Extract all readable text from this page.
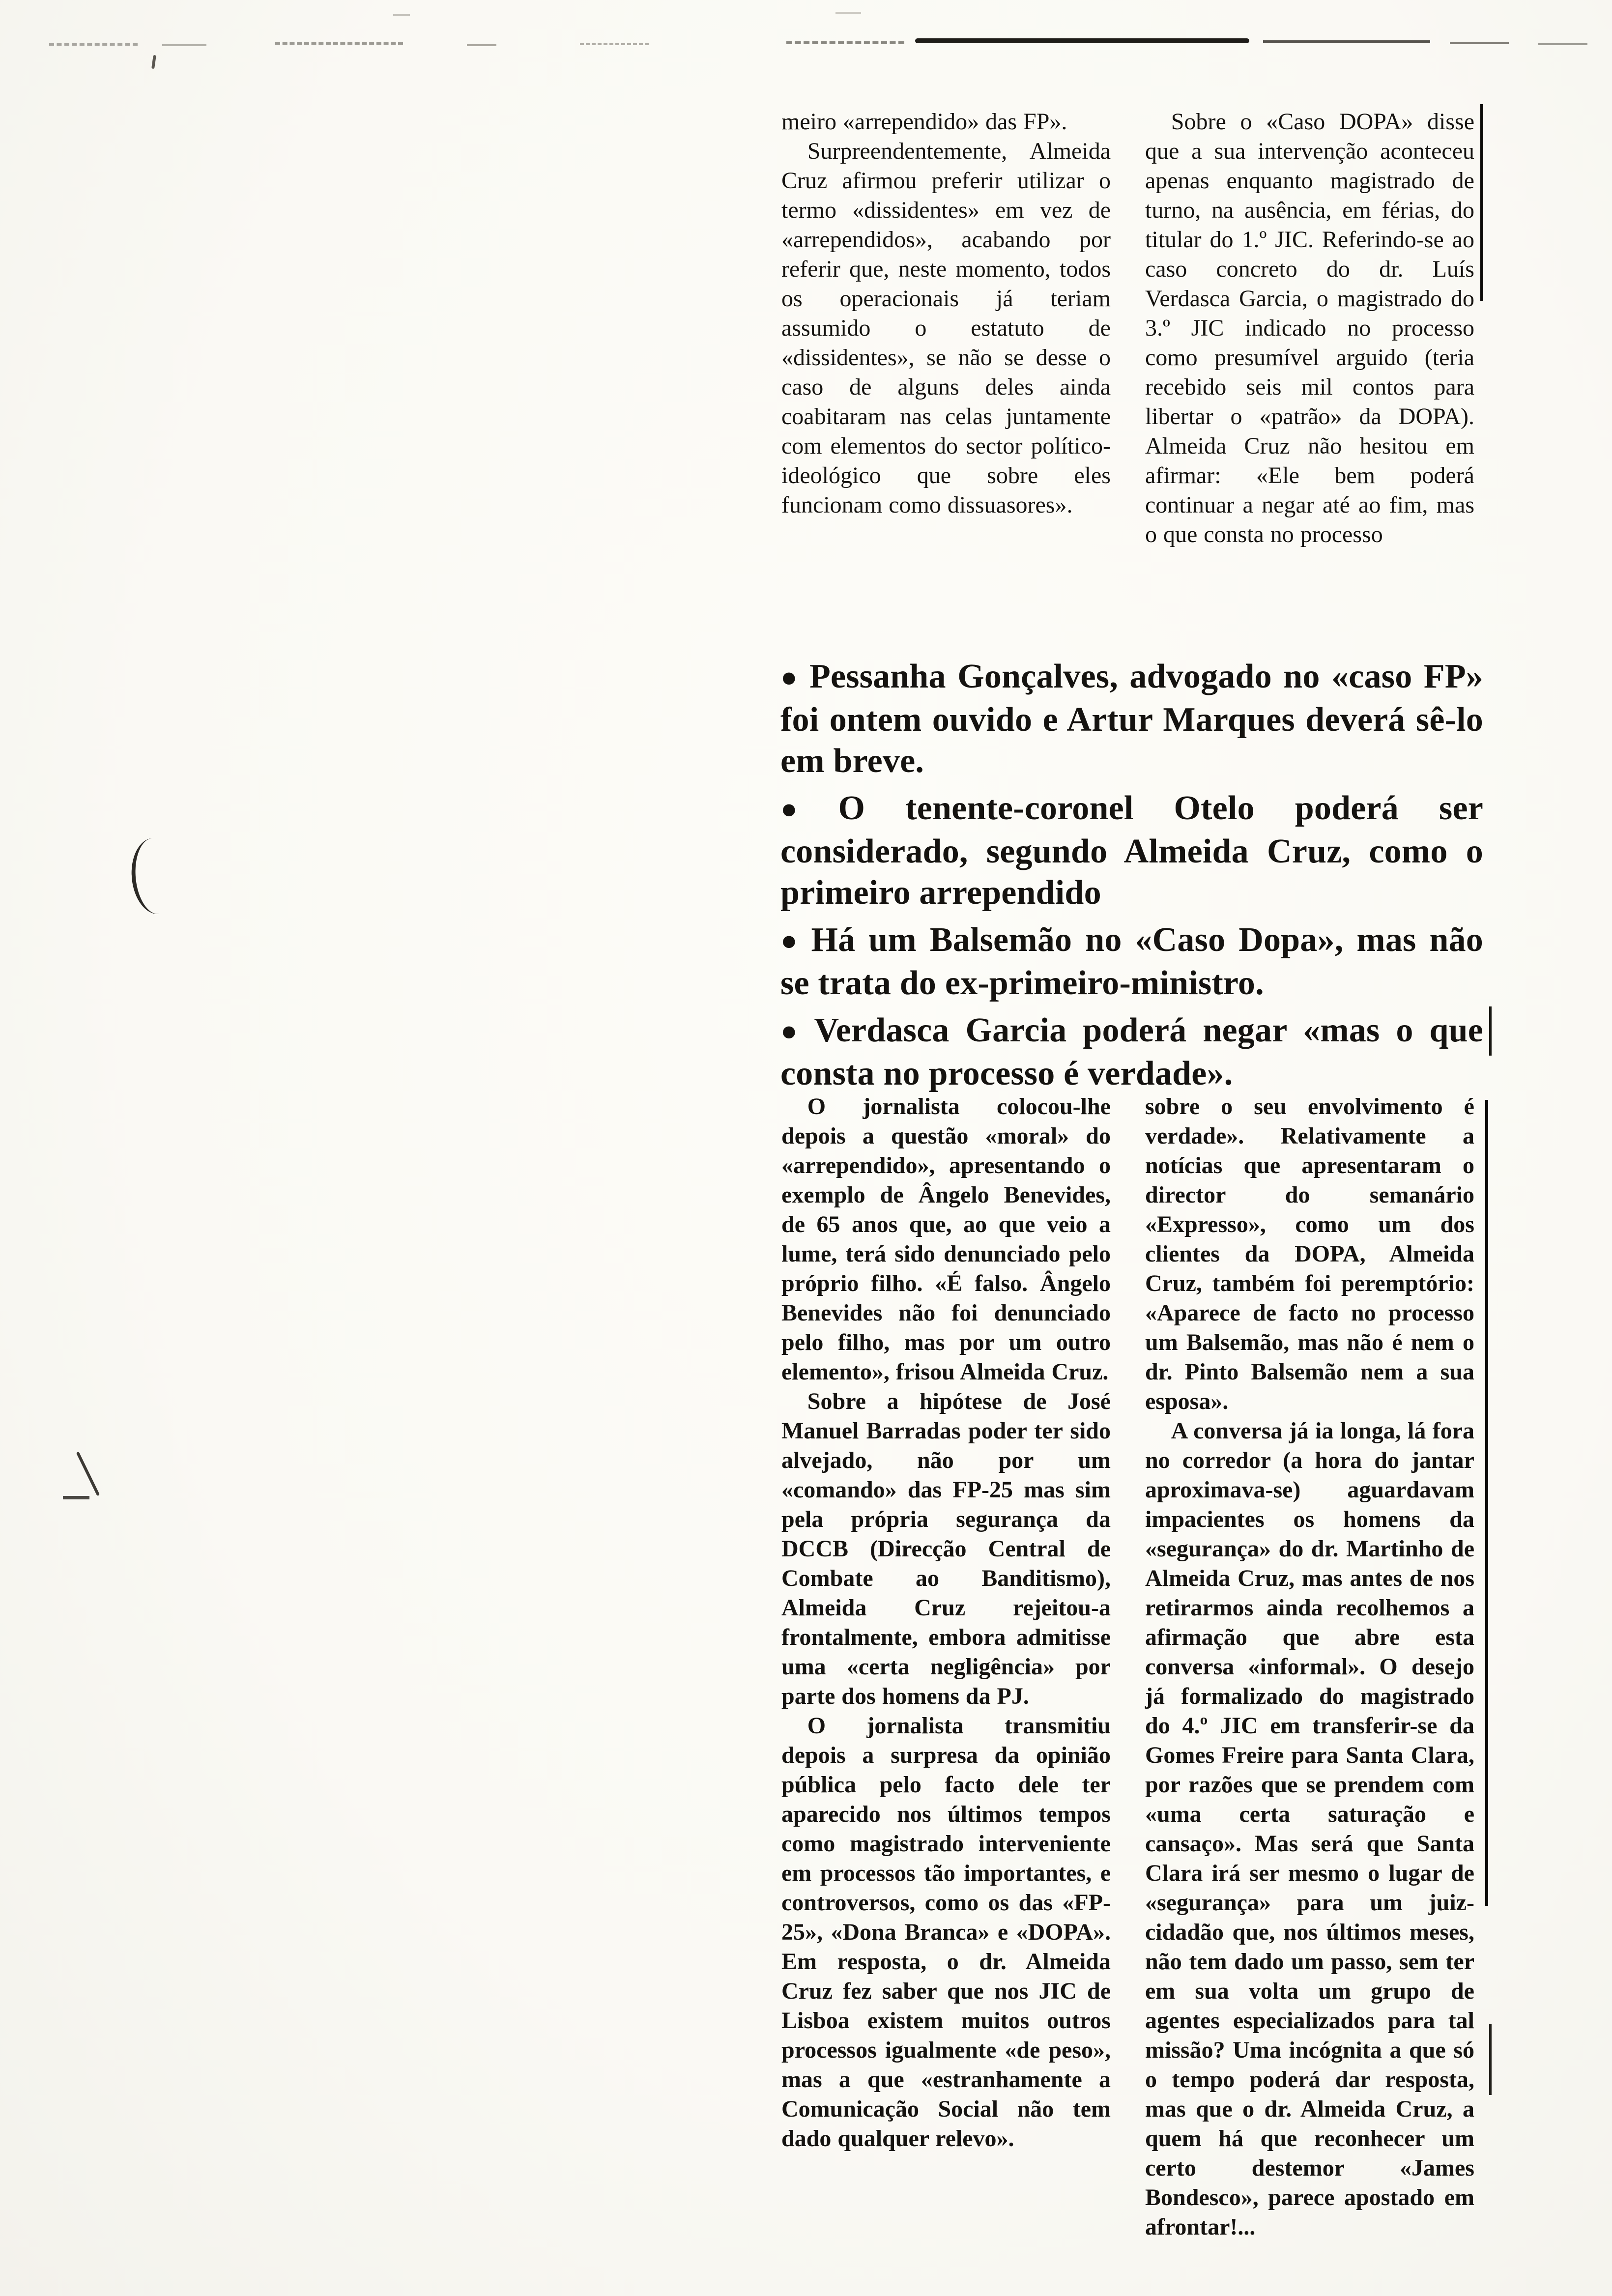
meiro «arrependido» das FP».

Surpreendentemente, Almeida Cruz afirmou preferir utilizar o termo «dissidentes» em vez de «arrependidos», acabando por referir que, neste momento, todos os operacionais já teriam assumido o estatuto de «dissidentes», se não se desse o caso de alguns deles ainda coabitaram nas celas juntamente com elementos do sector político-ideológico que sobre eles funcionam como dissuasores».

Sobre o «Caso DOPA» disse que a sua intervenção aconteceu apenas enquanto magistrado de turno, na ausência, em férias, do titular do 1.º JIC. Referindo-se ao caso concreto do dr. Luís Verdasca Garcia, o magistrado do 3.º JIC indicado no processo como presumível arguido (teria recebido seis mil contos para libertar o «patrão» da DOPA). Almeida Cruz não hesitou em afirmar: «Ele bem poderá continuar a negar até ao fim, mas o que consta no processo

● Pessanha Gonçalves, advogado no «caso FP» foi ontem ouvido e Artur Marques deverá sê-lo em breve.

● O tenente-coronel Otelo poderá ser considerado, segundo Almeida Cruz, como o primeiro arrependido

● Há um Balsemão no «Caso Dopa», mas não se trata do ex-primeiro-ministro.

● Verdasca Garcia poderá negar «mas o que consta no processo é verdade».

O jornalista colocou-lhe depois a questão «moral» do «arrependido», apresentando o exemplo de Ângelo Benevides, de 65 anos que, ao que veio a lume, terá sido denunciado pelo próprio filho. «É falso. Ângelo Benevides não foi denunciado pelo filho, mas por um outro elemento», frisou Almeida Cruz.

Sobre a hipótese de José Manuel Barradas poder ter sido alvejado, não por um «comando» das FP-25 mas sim pela própria segurança da DCCB (Direcção Central de Combate ao Banditismo), Almeida Cruz rejeitou-a frontalmente, embora admitisse uma «certa negligência» por parte dos homens da PJ.

O jornalista transmitiu depois a surpresa da opinião pública pelo facto dele ter aparecido nos últimos tempos como magistrado interveniente em processos tão importantes, e controversos, como os das «FP-25», «Dona Branca» e «DOPA». Em resposta, o dr. Almeida Cruz fez saber que nos JIC de Lisboa existem muitos outros processos igualmente «de peso», mas a que «estranhamente a Comunicação Social não tem dado qualquer relevo».

sobre o seu envolvimento é verdade». Relativamente a notícias que apresentaram o director do semanário «Expresso», como um dos clientes da DOPA, Almeida Cruz, também foi peremptório: «Aparece de facto no processo um Balsemão, mas não é nem o dr. Pinto Balsemão nem a sua esposa».

A conversa já ia longa, lá fora no corredor (a hora do jantar aproximava-se) aguardavam impacientes os homens da «segurança» do dr. Martinho de Almeida Cruz, mas antes de nos retirarmos ainda recolhemos a afirmação que abre esta conversa «informal». O desejo já formalizado do magistrado do 4.º JIC em transferir-se da Gomes Freire para Santa Clara, por razões que se prendem com «uma certa saturação e cansaço». Mas será que Santa Clara irá ser mesmo o lugar de «segurança» para um juiz-cidadão que, nos últimos meses, não tem dado um passo, sem ter em sua volta um grupo de agentes especializados para tal missão? Uma incógnita a que só o tempo poderá dar resposta, mas que o dr. Almeida Cruz, a quem há que reconhecer um certo destemor «James Bondesco», parece apostado em afrontar!...
